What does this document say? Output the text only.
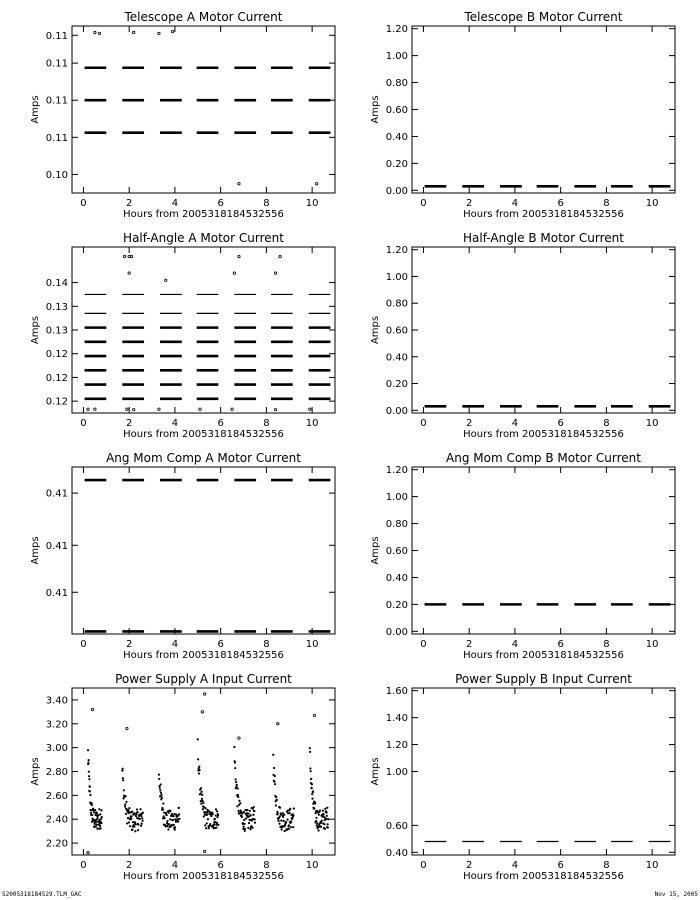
Telescope A Motor Current
Hours from 2005318184532556
Amps
0	2	4	6	8	10
0.10
0.11
0.11
0.11
0.11
Telescope B Motor Current
Hours from 2005318184532556
Amps
0	2	4	6	8	10
0.00
0.20
0.40
0.60
0.80
1.00
1.20
Half-Angle A Motor Current
Hours from 2005318184532556
Amps
0	2	4	6	8	10
0.12
0.12
0.12
0.13
0.13
0.14
Half-Angle B Motor Current
Hours from 2005318184532556
Amps
0	2	4	6	8	10
0.00
0.20
0.40
0.60
0.80
1.00
1.20
Ang Mom Comp A Motor Current
Hours from 2005318184532556
Amps
0	2	4	6	8	10
0.41
0.41
0.41
Ang Mom Comp B Motor Current
Hours from 2005318184532556
Amps
0	2	4	6	8	10
0.00
0.20
0.40
0.60
0.80
1.00
1.20
Power Supply A Input Current
Hours from 2005318184532556
Amps
0	2	4	6	8	10
2.20
2.40
2.60
2.80
3.00
3.20
3.40
Power Supply B Input Current
Hours from 2005318184532556
Amps
0	2	4	6	8	10
0.40
0.60
1.00
1.20
1.40
1.60
S2005318184529.TLM_GAC	Nov 15, 2005
